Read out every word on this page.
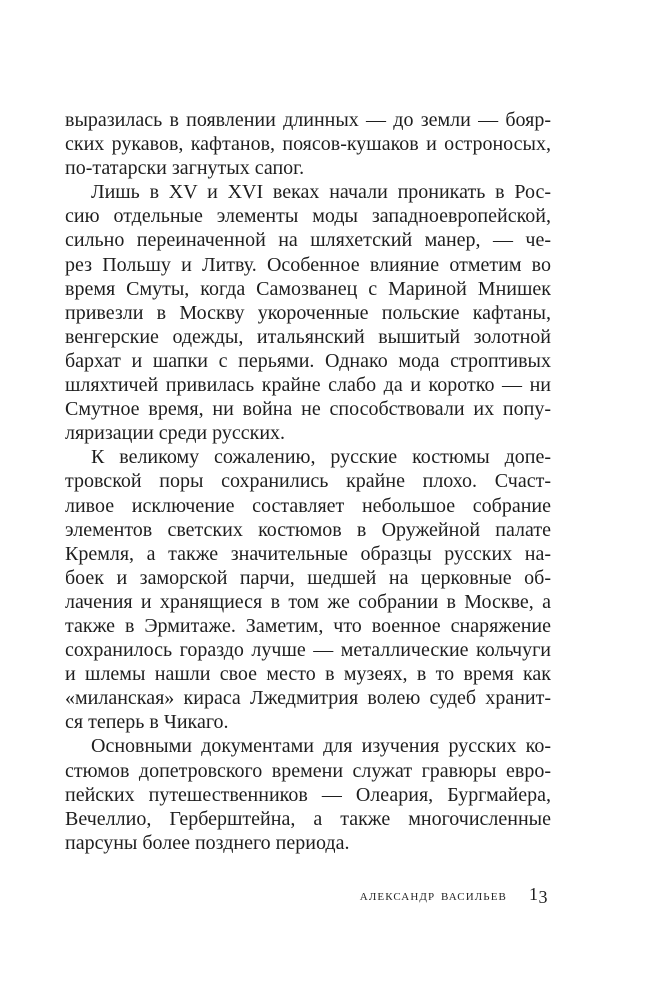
выразилась в появлении длинных — до земли — бояр-
ских рукавов, кафтанов, поясов-кушаков и остроносых,
по-татарски загнутых сапог.
Лишь в XV и XVI веках начали проникать в Рос-
сию отдельные элементы моды западноевропейской,
сильно переиначенной на шляхетский манер, — че-
рез Польшу и Литву. Особенное влияние отметим во
время Смуты, когда Самозванец с Мариной Мнишек
привезли в Москву укороченные польские кафтаны,
венгерские одежды, итальянский вышитый золотной
бархат и шапки с перьями. Однако мода строптивых
шляхтичей привилась крайне слабо да и коротко — ни
Смутное время, ни война не способствовали их попу-
ляризации среди русских.
К великому сожалению, русские костюмы допе-
тровской поры сохранились крайне плохо. Счаст-
ливое исключение составляет небольшое собрание
элементов светских костюмов в Оружейной палате
Кремля, а также значительные образцы русских на-
боек и заморской парчи, шедшей на церковные об-
лачения и хранящиеся в том же собрании в Москве, а
также в Эрмитаже. Заметим, что военное снаряжение
сохранилось гораздо лучше — металлические кольчуги
и шлемы нашли свое место в музеях, в то время как
«миланская» кираса Лжедмитрия волею судеб хранит-
ся теперь в Чикаго.
Основными документами для изучения русских ко-
стюмов допетровского времени служат гравюры евро-
пейских путешественников — Олеария, Бургмайера,
Вечеллио, Герберштейна, а также многочисленные
парсуны более позднего периода.
АЛЕКСАНДР ВАСИЛЬЕВ 13
